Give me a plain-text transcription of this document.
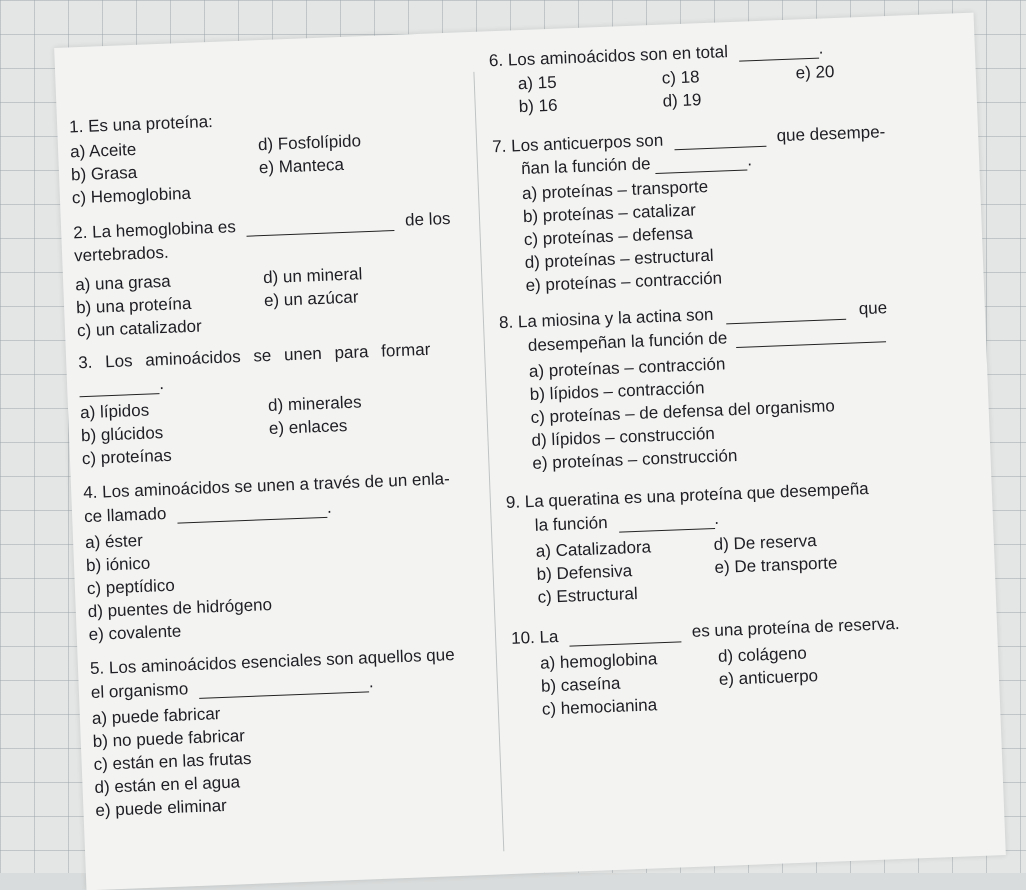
1. Es una proteína:
a) Aceite
b) Grasa
c) Hemoglobina
d) Fosfolípido
e) Manteca
2. La hemoglobina es	de los
vertebrados.
a) una grasa
b) una proteína
c) un catalizador
d) un mineral
e) un azúcar
3. Los aminoácidos se unen para formar
.
a) lípidos
b) glúcidos
c) proteínas
d) minerales
e) enlaces
4. Los aminoácidos se unen a través de un enla-
ce llamado	.
a) éster
b) iónico
c) peptídico
d) puentes de hidrógeno
e) covalente
5. Los aminoácidos esenciales son aquellos que
el organismo	.
a) puede fabricar
b) no puede fabricar
c) están en las frutas
d) están en el agua
e) puede eliminar
6. Los aminoácidos son en total	.
a) 15
b) 16
c) 18
d) 19
e) 20
7. Los anticuerpos son	que desempe-
ñan la función de	.
a) proteínas – transporte
b) proteínas – catalizar
c) proteínas – defensa
d) proteínas – estructural
e) proteínas – contracción
8. La miosina y la actina son	que
desempeñan la función de
a) proteínas – contracción
b) lípidos – contracción
c) proteínas – de defensa del organismo
d) lípidos – construcción
e) proteínas – construcción
9. La queratina es una proteína que desempeña
la función	.
a) Catalizadora
b) Defensiva
c) Estructural
d) De reserva
e) De transporte
10. La	es una proteína de reserva.
a) hemoglobina
b) caseína
c) hemocianina
d) colágeno
e) anticuerpo
